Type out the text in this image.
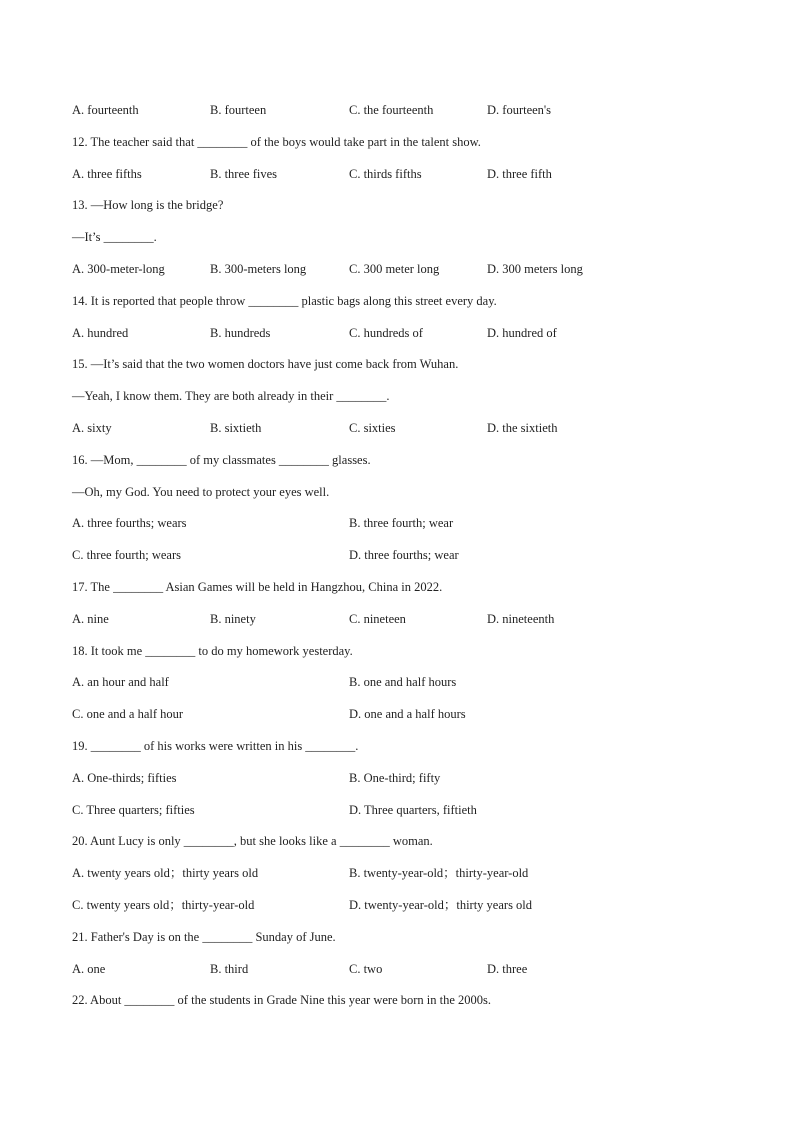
A. fourteenth	B. fourteen	C. the fourteenth	D. fourteen's
12. The teacher said that ________ of the boys would take part in the talent show.
A. three fifths	B. three fives	C. thirds fifths	D. three fifth
13. —How long is the bridge?
—It’s ________.
A. 300-meter-long	B. 300-meters long	C. 300 meter long	D. 300 meters long
14. It is reported that people throw ________ plastic bags along this street every day.
A. hundred	B. hundreds	C. hundreds of	D. hundred of
15. —It’s said that the two women doctors have just come back from Wuhan.
—Yeah, I know them. They are both already in their ________.
A. sixty	B. sixtieth	C. sixties	D. the sixtieth
16. —Mom, ________ of my classmates ________ glasses.
—Oh, my God. You need to protect your eyes well.
A. three fourths; wears	B. three fourth; wear
C. three fourth; wears	D. three fourths; wear
17. The ________ Asian Games will be held in Hangzhou, China in 2022.
A. nine	B. ninety	C. nineteen	D. nineteenth
18. It took me ________ to do my homework yesterday.
A. an hour and half	B. one and half hours
C. one and a half hour	D. one and a half hours
19. ________ of his works were written in his ________.
A. One-thirds; fifties	B. One-third; fifty
C. Three quarters; fifties	D. Three quarters, fiftieth
20. Aunt Lucy is only ________, but she looks like a ________ woman.
A. twenty years old；thirty years old	B. twenty-year-old；thirty-year-old
C. twenty years old；thirty-year-old	D. twenty-year-old；thirty years old
21. Father's Day is on the ________ Sunday of June.
A. one	B. third	C. two	D. three
22. About ________ of the students in Grade Nine this year were born in the 2000s.
